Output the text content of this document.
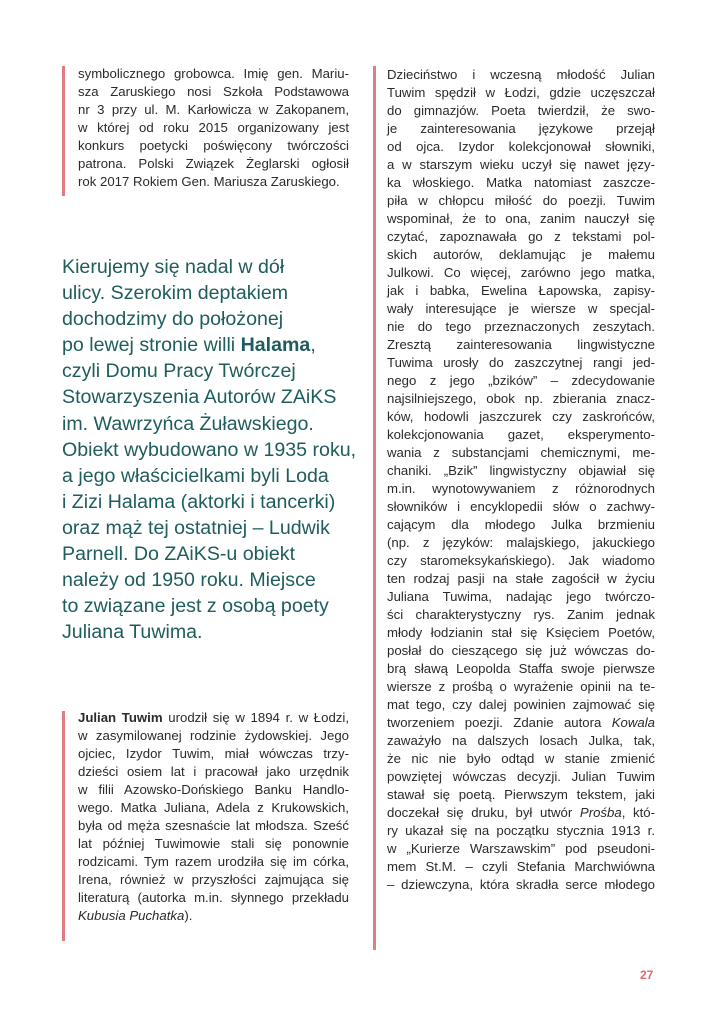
symbolicznego grobowca. Imię gen. Mariu-
sza Zaruskiego nosi Szkoła Podstawowa
nr 3 przy ul. M. Karłowicza w Zakopanem,
w której od roku 2015 organizowany jest
konkurs poetycki poświęcony twórczości
patrona. Polski Związek Żeglarski ogłosił
rok 2017 Rokiem Gen. Mariusza Zaruskiego.
Kierujemy się nadal w dół
ulicy. Szerokim deptakiem
dochodzimy do położonej
po lewej stronie willi Halama,
czyli Domu Pracy Twórczej
Stowarzyszenia Autorów ZAiKS
im. Wawrzyńca Żuławskiego.
Obiekt wybudowano w 1935 roku,
a jego właścicielkami byli Loda
i Zizi Halama (aktorki i tancerki)
oraz mąż tej ostatniej – Ludwik
Parnell. Do ZAiKS-u obiekt
należy od 1950 roku. Miejsce
to związane jest z osobą poety
Juliana Tuwima.
Julian Tuwim urodził się w 1894 r. w Łodzi,
w zasymilowanej rodzinie żydowskiej. Jego
ojciec, Izydor Tuwim, miał wówczas trzy-
dzieści osiem lat i pracował jako urzędnik
w filii Azowsko-Dońskiego Banku Handlo-
wego. Matka Juliana, Adela z Krukowskich,
była od męża szesnaście lat młodsza. Sześć
lat później Tuwimowie stali się ponownie
rodzicami. Tym razem urodziła się im córka,
Irena, również w przyszłości zajmująca się
literaturą (autorka m.in. słynnego przekładu
Kubusia Puchatka).
Dzieciństwo i wczesną młodość Julian
Tuwim spędził w Łodzi, gdzie uczęszczał
do gimnazjów. Poeta twierdził, że swo-
je zainteresowania językowe przejął
od ojca. Izydor kolekcjonował słowniki,
a w starszym wieku uczył się nawet języ-
ka włoskiego. Matka natomiast zaszcze-
piła w chłopcu miłość do poezji. Tuwim
wspominał, że to ona, zanim nauczył się
czytać, zapoznawała go z tekstami pol-
skich autorów, deklamując je małemu
Julkowi. Co więcej, zarówno jego matka,
jak i babka, Ewelina Łapowska, zapisy-
wały interesujące je wiersze w specjal-
nie do tego przeznaczonych zeszytach.
Zresztą zainteresowania lingwistyczne
Tuwima urosły do zaszczytnej rangi jed-
nego z jego „bzików” – zdecydowanie
najsilniejszego, obok np. zbierania znacz-
ków, hodowli jaszczurek czy zaskrońców,
kolekcjonowania gazet, eksperymento-
wania z substancjami chemicznymi, me-
chaniki. „Bzik” lingwistyczny objawiał się
m.in. wynotowywaniem z różnorodnych
słowników i encyklopedii słów o zachwy-
cającym dla młodego Julka brzmieniu
(np. z języków: malajskiego, jakuckiego
czy staromeksykańskiego). Jak wiadomo
ten rodzaj pasji na stałe zagościł w życiu
Juliana Tuwima, nadając jego twórczo-
ści charakterystyczny rys. Zanim jednak
młody łodzianin stał się Księciem Poetów,
posłał do cieszącego się już wówczas do-
brą sławą Leopolda Staffa swoje pierwsze
wiersze z prośbą o wyrażenie opinii na te-
mat tego, czy dalej powinien zajmować się
tworzeniem poezji. Zdanie autora Kowala
zaważyło na dalszych losach Julka, tak,
że nic nie było odtąd w stanie zmienić
powziętej wówczas decyzji. Julian Tuwim
stawał się poetą. Pierwszym tekstem, jaki
doczekał się druku, był utwór Prośba, któ-
ry ukazał się na początku stycznia 1913 r.
w „Kurierze Warszawskim” pod pseudoni-
mem St.M. – czyli Stefania Marchwiówna
– dziewczyna, która skradła serce młodego
27
